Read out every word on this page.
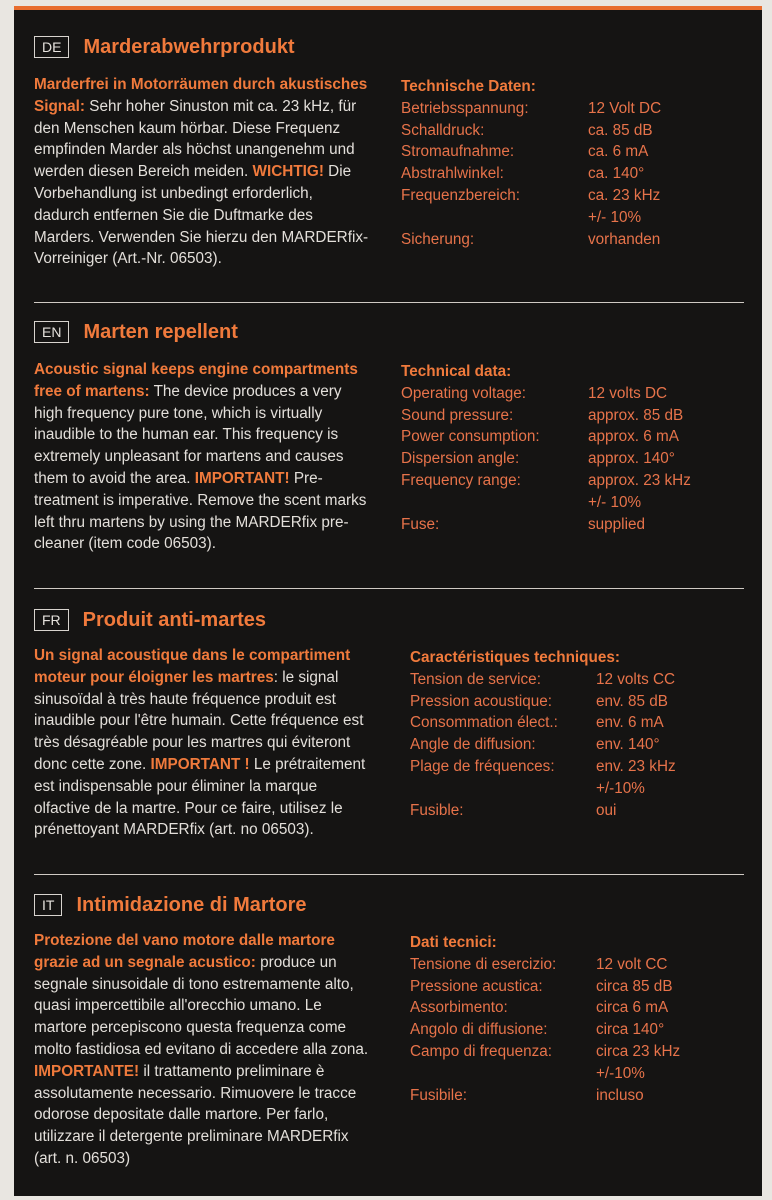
DE	Marderabwehrprodukt
Marderfrei in Motorräumen durch akustisches Signal: Sehr hoher Sinuston mit ca. 23 kHz, für den Menschen kaum hörbar. Diese Frequenz empfinden Marder als höchst unangenehm und werden diesen Bereich meiden. WICHTIG! Die Vorbehandlung ist unbedingt erforderlich, dadurch entfernen Sie die Duftmarke des Marders. Verwenden Sie hierzu den MARDERfix-Vorreiniger (Art.-Nr. 06503).
Technische Daten:
Betriebsspannung:	12 Volt DC
Schalldruck:	ca. 85 dB
Stromaufnahme:	ca. 6 mA
Abstrahlwinkel:	ca. 140°
Frequenzbereich:	ca. 23 kHz
+/- 10%
Sicherung:	vorhanden
EN	Marten repellent
Acoustic signal keeps engine compartments free of martens: The device produces a very high frequency pure tone, which is virtually inaudible to the human ear. This frequency is extremely unpleasant for martens and causes them to avoid the area. IMPORTANT! Pre-treatment is imperative. Remove the scent marks left thru martens by using the MARDERfix pre-cleaner (item code 06503).
Technical data:
Operating voltage:	12 volts DC
Sound pressure:	approx. 85 dB
Power consumption:	approx. 6 mA
Dispersion angle:	approx. 140°
Frequency range:	approx. 23 kHz
+/- 10%
Fuse:	supplied
FR	Produit anti-martes
Un signal acoustique dans le compartiment moteur pour éloigner les martres: le signal sinusoïdal à très haute fréquence produit est inaudible pour l'être humain. Cette fréquence est très désagréable pour les martres qui éviteront donc cette zone. IMPORTANT ! Le prétraitement est indispensable pour éliminer la marque olfactive de la martre. Pour ce faire, utilisez le prénettoyant MARDERfix (art. no 06503).
Caractéristiques techniques:
Tension de service:	12 volts CC
Pression acoustique:	env. 85 dB
Consommation élect.:	env. 6 mA
Angle de diffusion:	env. 140°
Plage de fréquences:	env. 23 kHz
+/-10%
Fusible:	oui
IT	Intimidazione di Martore
Protezione del vano motore dalle martore grazie ad un segnale acustico: produce un segnale sinusoidale di tono estremamente alto, quasi impercettibile all'orecchio umano. Le martore percepiscono questa frequenza come molto fastidiosa ed evitano di accedere alla zona. IMPORTANTE! il trattamento preliminare è assolutamente necessario. Rimuovere le tracce odorose depositate dalle martore. Per farlo, utilizzare il detergente preliminare MARDERfix (art. n. 06503)
Dati tecnici:
Tensione di esercizio:	12 volt CC
Pressione acustica:	circa 85 dB
Assorbimento:	circa 6 mA
Angolo di diffusione:	circa 140°
Campo di frequenza:	circa 23 kHz
+/-10%
Fusibile:	incluso
